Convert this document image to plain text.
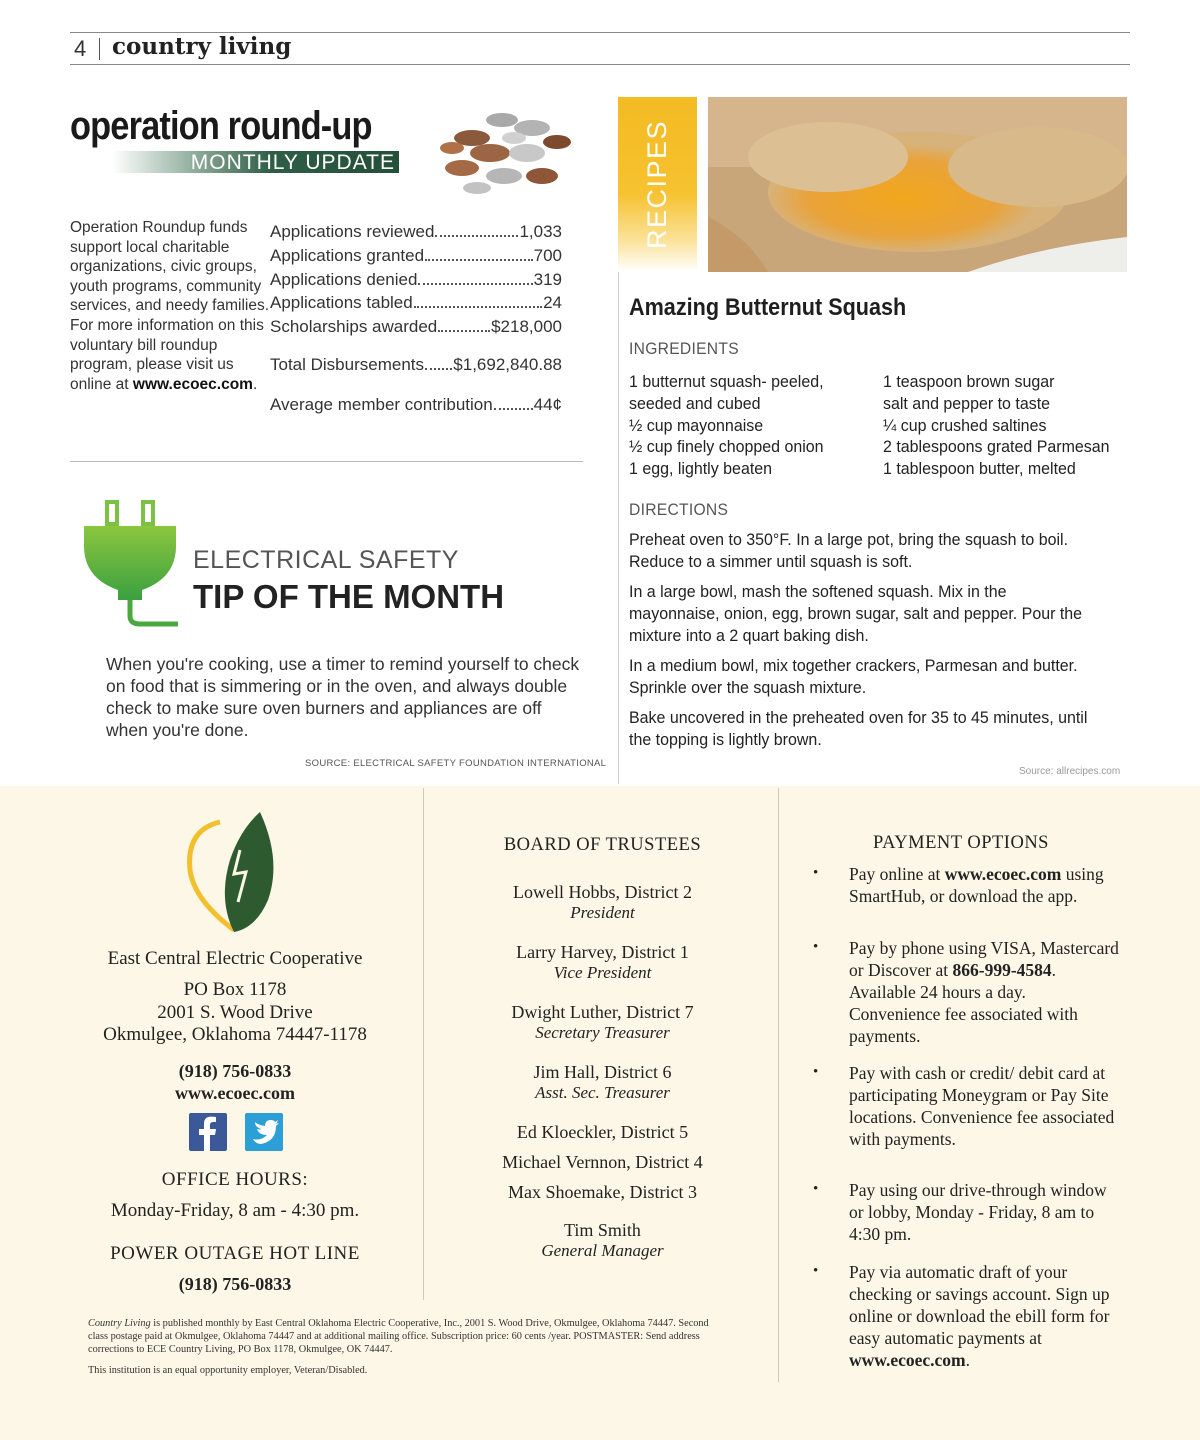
4 country living
operation round-up
MONTHLY UPDATE
Operation Roundup funds support local charitable organizations, civic groups, youth programs, community services, and needy families. For more information on this voluntary bill roundup program, please visit us online at www.ecoec.com.
Applications reviewed	1,033
Applications granted	700
Applications denied	319
Applications tabled	24
Scholarships awarded	$218,000
Total Disbursements $1,692,840.88
Average member contribution 44¢
ELECTRICAL SAFETY
TIP OF THE MONTH
When you're cooking, use a timer to remind yourself to check on food that is simmering or in the oven, and always double check to make sure oven burners and appliances are off when you're done.
SOURCE: ELECTRICAL SAFETY FOUNDATION INTERNATIONAL
RECIPES
Amazing Butternut Squash
INGREDIENTS
1 butternut squash- peeled,
seeded and cubed
½ cup mayonnaise
½ cup finely chopped onion
1 egg, lightly beaten
1 teaspoon brown sugar
salt and pepper to taste
¼ cup crushed saltines
2 tablespoons grated Parmesan
1 tablespoon butter, melted
DIRECTIONS
Preheat oven to 350°F. In a large pot, bring the squash to boil. Reduce to a simmer until squash is soft.
In a large bowl, mash the softened squash. Mix in the mayonnaise, onion, egg, brown sugar, salt and pepper. Pour the mixture into a 2 quart baking dish.
In a medium bowl, mix together crackers, Parmesan and butter. Sprinkle over the squash mixture.
Bake uncovered in the preheated oven for 35 to 45 minutes, until the topping is lightly brown.
Source: allrecipes.com
East Central Electric Cooperative
PO Box 1178
2001 S. Wood Drive
Okmulgee, Oklahoma 74447-1178
(918) 756-0833
www.ecoec.com
OFFICE HOURS:
Monday-Friday, 8 am - 4:30 pm.
POWER OUTAGE HOT LINE
(918) 756-0833
BOARD OF TRUSTEES
Lowell Hobbs, District 2
President
Larry Harvey, District 1
Vice President
Dwight Luther, District 7
Secretary Treasurer
Jim Hall, District 6
Asst. Sec. Treasurer
Ed Kloeckler, District 5
Michael Vernnon, District 4
Max Shoemake, District 3
Tim Smith
General Manager
Country Living is published monthly by East Central Oklahoma Electric Cooperative, Inc., 2001 S. Wood Drive, Okmulgee, Oklahoma 74447. Second class postage paid at Okmulgee, Oklahoma 74447 and at additional mailing office. Subscription price: 60 cents /year. POSTMASTER: Send address corrections to ECE Country Living, PO Box 1178, Okmulgee, OK 74447.
This institution is an equal opportunity employer, Veteran/Disabled.
PAYMENT OPTIONS
• Pay online at www.ecoec.com using SmartHub, or download the app.
• Pay by phone using VISA, Mastercard or Discover at 866-999-4584. Available 24 hours a day. Convenience fee associated with payments.
• Pay with cash or credit/ debit card at participating Moneygram or Pay Site locations. Convenience fee associated with payments.
• Pay using our drive-through window or lobby, Monday - Friday, 8 am to 4:30 pm.
• Pay via automatic draft of your checking or savings account. Sign up online or download the ebill form for easy automatic payments at www.ecoec.com.
